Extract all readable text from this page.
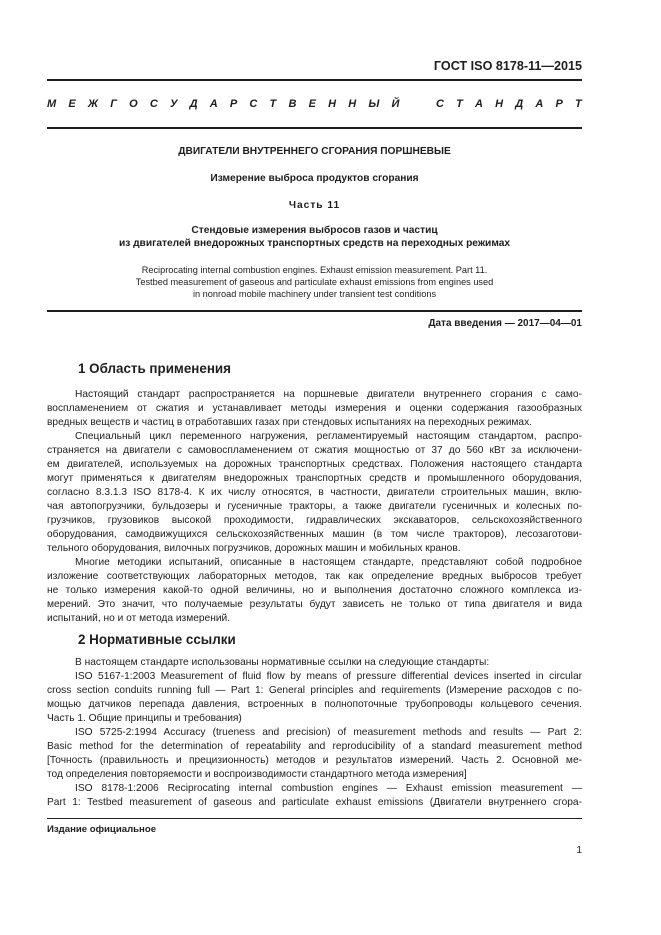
ГОСТ ISO 8178-11—2015
М Е Ж Г О С У Д А Р С Т В Е Н Н Ы Й	С Т А Н Д А Р Т
ДВИГАТЕЛИ ВНУТРЕННЕГО СГОРАНИЯ ПОРШНЕВЫЕ
Измерение выброса продуктов сгорания
Часть 11
Стендовые измерения выбросов газов и частиц
из двигателей внедорожных транспортных средств на переходных режимах
Reciprocating internal combustion engines. Exhaust emission measurement. Part 11.
Testbed measurement of gaseous and particulate exhaust emissions from engines used
in nonroad mobile machinery under transient test conditions
Дата введения — 2017—04—01
1 Область применения
Настоящий стандарт распространяется на поршневые двигатели внутреннего сгорания с само-
воспламенением от сжатия и устанавливает методы измерения и оценки содержания газообразных
вредных веществ и частиц в отработавших газах при стендовых испытаниях на переходных режимах.
Специальный цикл переменного нагружения, регламентируемый настоящим стандартом, распро-
страняется на двигатели с самовоспламенением от сжатия мощностью от 37 до 560 кВт за исключени-
ем двигателей, используемых на дорожных транспортных средствах. Положения настоящего стандарта
могут применяться к двигателям внедорожных транспортных средств и промышленного оборудования,
согласно 8.3.1.3 ISO 8178-4. К их числу относятся, в частности, двигатели строительных машин, вклю-
чая автопогрузчики, бульдозеры и гусеничные тракторы, а также двигатели гусеничных и колесных по-
грузчиков, грузовиков высокой проходимости, гидравлических экскаваторов, сельскохозяйственного
оборудования, самодвижущихся сельскохозяйственных машин (в том числе тракторов), лесозаготови-
тельного оборудования, вилочных погрузчиков, дорожных машин и мобильных кранов.
Многие методики испытаний, описанные в настоящем стандарте, представляют собой подробное
изложение соответствующих лабораторных методов, так как определение вредных выбросов требует
не только измерения какой-то одной величины, но и выполнения достаточно сложного комплекса из-
мерений. Это значит, что получаемые результаты будут зависеть не только от типа двигателя и вида
испытаний, но и от метода измерений.
2 Нормативные ссылки
В настоящем стандарте использованы нормативные ссылки на следующие стандарты:
ISO 5167-1:2003 Measurement of fluid flow by means of pressure differential devices inserted in circular
cross section conduits running full — Part 1: General principles and requirements (Измерение расходов с по-
мощью датчиков перепада давления, встроенных в полнопоточные трубопроводы кольцевого сечения.
Часть 1. Общие принципы и требования)
ISO 5725-2:1994 Accuracy (trueness and precision) of measurement methods and results — Part 2:
Basic method for the determination of repeatability and reproducibility of a standard measurement method
[Точность (правильность и прецизионность) методов и результатов измерений. Часть 2. Основной ме-
тод определения повторяемости и воспроизводимости стандартного метода измерения]
ISO 8178-1:2006 Reciprocating internal combustion engines — Exhaust emission measurement —
Part 1: Testbed measurement of gaseous and particulate exhaust emissions (Двигатели внутреннего сгора-
Издание официальное
1
